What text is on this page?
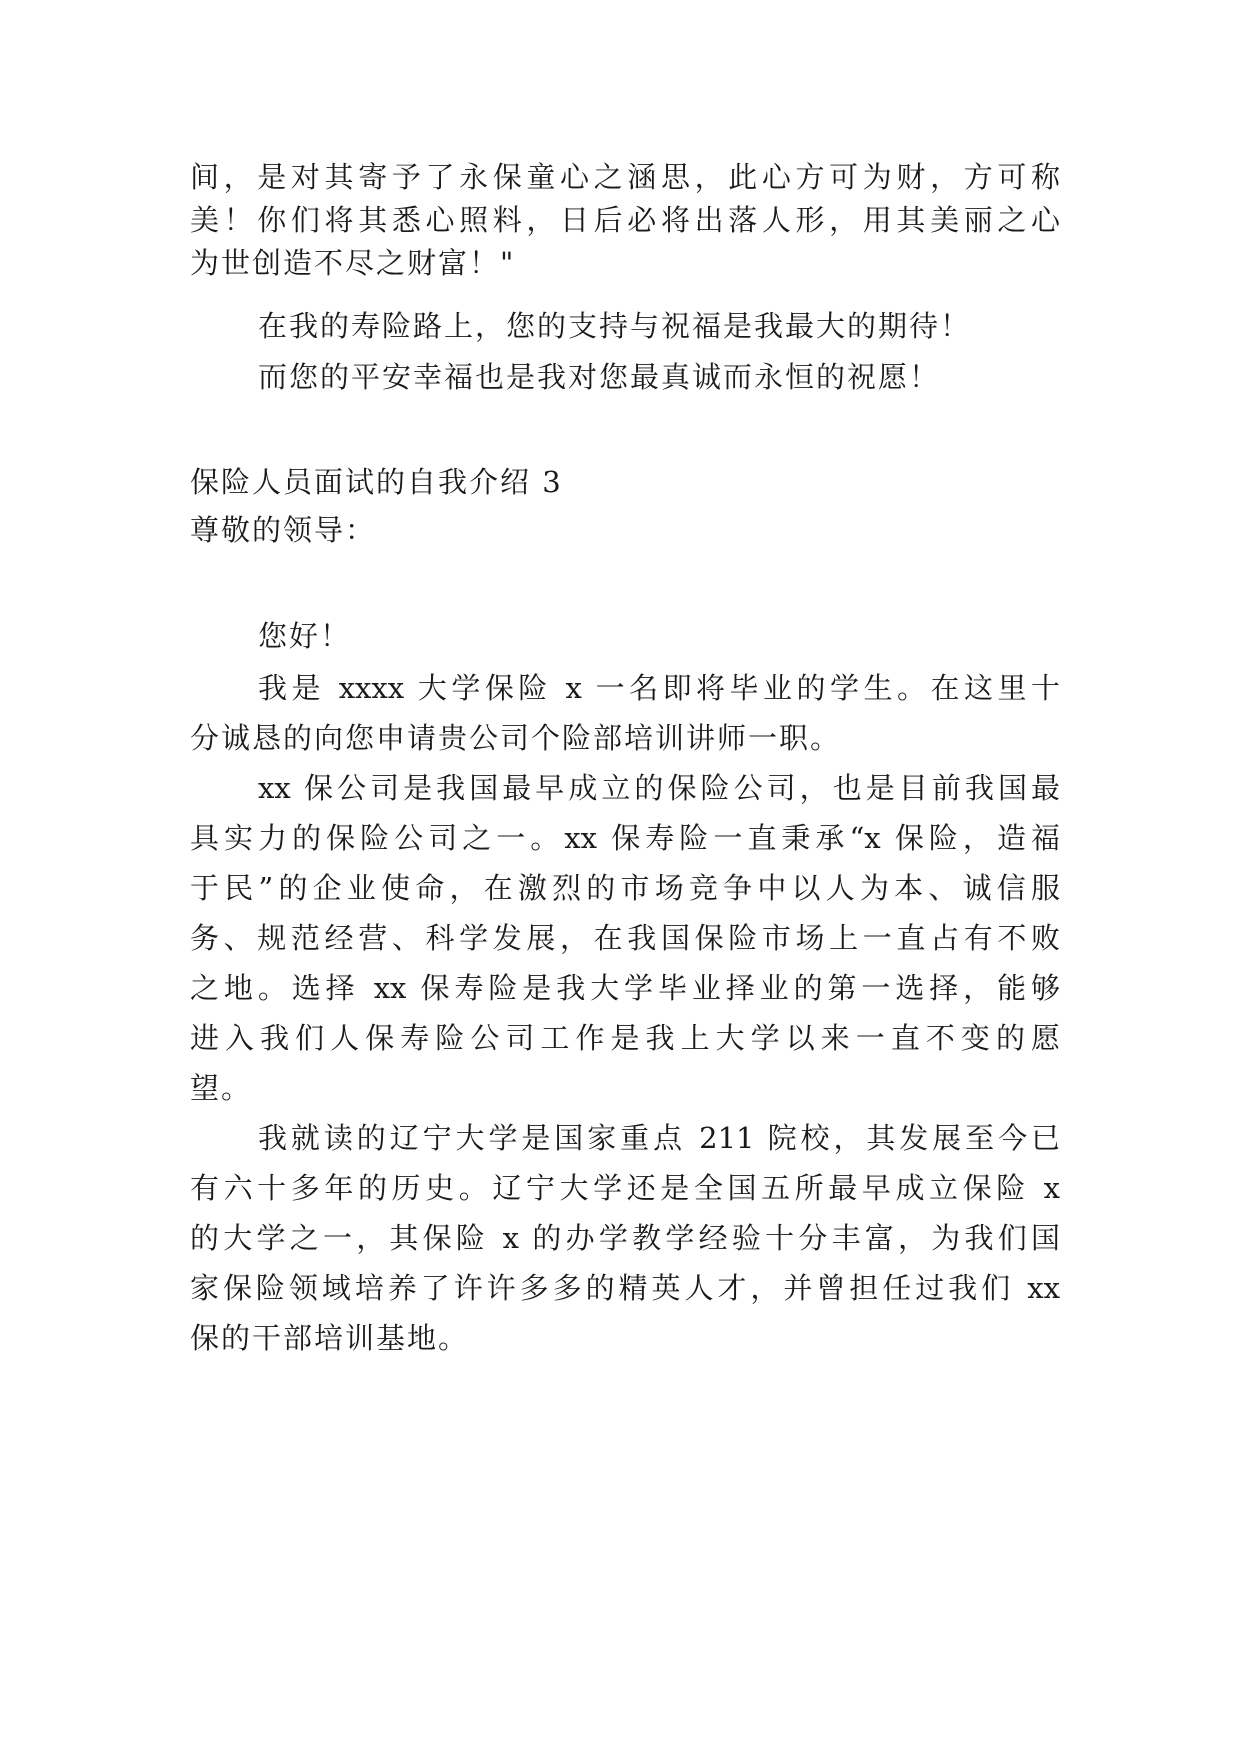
间，是对其寄予了永保童心之涵思，此心方可为财，方可称
美！你们将其悉心照料，日后必将出落人形，用其美丽之心
为世创造不尽之财富！"
在我的寿险路上，您的支持与祝福是我最大的期待！
而您的平安幸福也是我对您最真诚而永恒的祝愿！
保险人员面试的自我介绍 3
尊敬的领导：
您好！
我是 xxxx 大学保险 x 一名即将毕业的学生。在这里十
分诚恳的向您申请贵公司个险部培训讲师一职。
xx 保公司是我国最早成立的保险公司，也是目前我国最
具实力的保险公司之一。xx 保寿险一直秉承“x 保险，造福
于民”的企业使命，在激烈的市场竞争中以人为本、诚信服
务、规范经营、科学发展，在我国保险市场上一直占有不败
之地。选择 xx 保寿险是我大学毕业择业的第一选择，能够
进入我们人保寿险公司工作是我上大学以来一直不变的愿
望。
我就读的辽宁大学是国家重点 211 院校，其发展至今已
有六十多年的历史。辽宁大学还是全国五所最早成立保险 x
的大学之一，其保险 x 的办学教学经验十分丰富，为我们国
家保险领域培养了许许多多的精英人才，并曾担任过我们 xx
保的干部培训基地。
